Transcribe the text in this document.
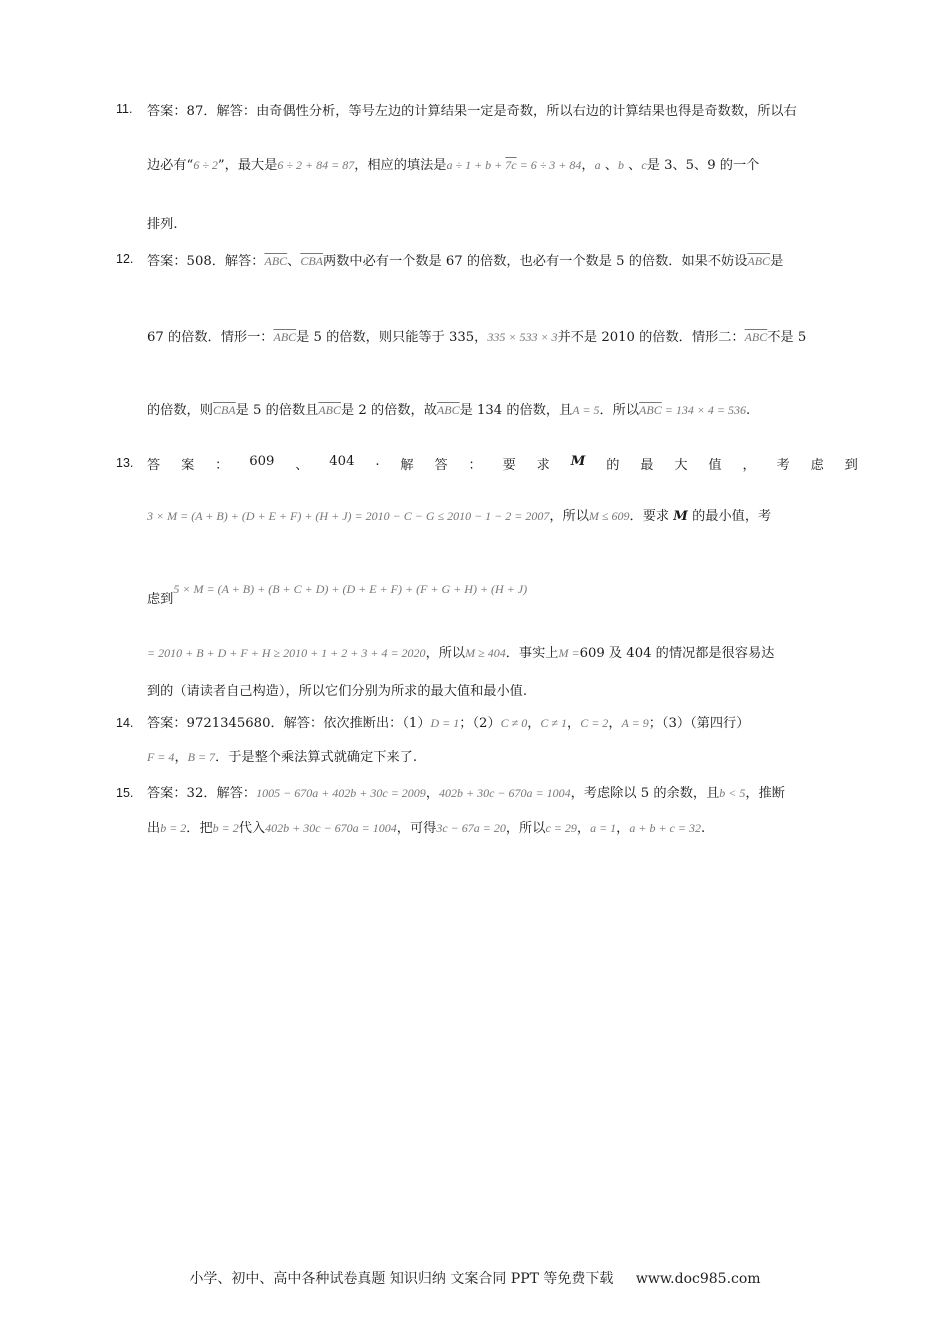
11.	答案：87．解答：由奇偶性分析，等号左边的计算结果一定是奇数，所以右边的计算结果也得是奇数数，所以右
边必有“6 ÷ 2”，最大是6 ÷ 2 + 84 = 87，相应的填法是a ÷ 1 + b + 7c = 6 ÷ 3 + 84，a 、b 、c是 3、5、9 的一个
排列.
12.	答案：508．解答：$\overline{ABC}$、$\overline{CBA}$两数中必有一个数是 67 的倍数，也必有一个数是 5 的倍数．如果不妨设$\overline{ABC}$是
67 的倍数．情形一：$\overline{ABC}$是 5 的倍数，则只能等于 335，335 × 533 × 3并不是 2010 的倍数．情形二：$\overline{ABC}$不是 5
的倍数，则$\overline{CBA}$是 5 的倍数且$\overline{ABC}$是 2 的倍数，故$\overline{ABC}$是 134 的倍数，且A = 5．所以$\overline{ABC} = 134 \times 4 = 536$.
13.	答 案 ： 609 、 404 . 解 答 ： 要 求 M 的 最 大 值 ， 考 虑 到
3 × M = (A + B) + (D + E + F) + (H + J) = 2010 − C − G ≤ 2010 − 1 − 2 = 2007，所以M ≤ 609．要求 M 的最小值，考
虑到5 × M = (A + B) + (B + C + D) + (D + E + F) + (F + G + H) + (H + J)
= 2010 + B + D + F + H ≥ 2010 + 1 + 2 + 3 + 4 = 2020，所以M ≥ 404．事实上M =609 及 404 的情况都是很容易达
到的（请读者自己构造），所以它们分别为所求的最大值和最小值.
14.	答案：9721345680．解答：依次推断出：（1）D = 1；（2）C ≠ 0，C ≠ 1，C = 2，A = 9；（3）（第四行）
F = 4，B = 7．于是整个乘法算式就确定下来了.
15.	答案：32．解答：1005 − 670a + 402b + 30c = 2009，402b + 30c − 670a = 1004，考虑除以 5 的余数，且b < 5，推断
出b = 2．把b = 2代入402b + 30c − 670a = 1004，可得3c − 67a = 20，所以c = 29，a = 1，a + b + c = 32.
小学、初中、高中各种试卷真题 知识归纳 文案合同 PPT 等免费下载 www.doc985.com
